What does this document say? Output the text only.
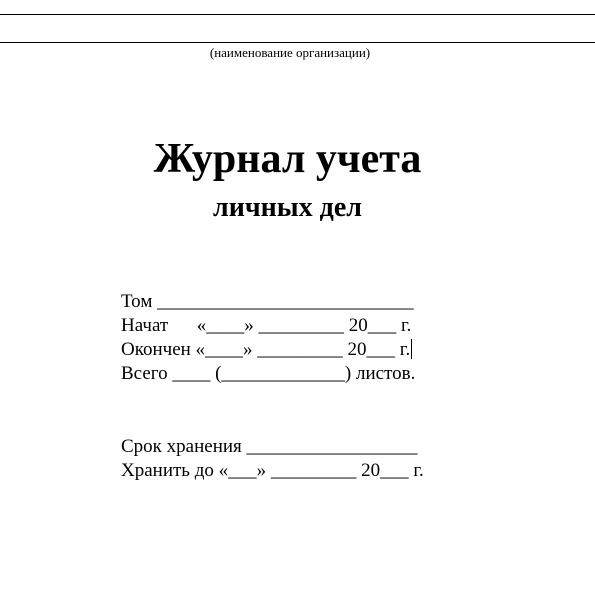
(наименование организации)
Журнал учета
личных дел
Том ___________________________
Начат      «____» _________ 20___ г.
Окончен «____» _________ 20___ г.
Всего ____ (_____________) листов.
Срок хранения __________________
Хранить до «___» _________ 20___ г.
